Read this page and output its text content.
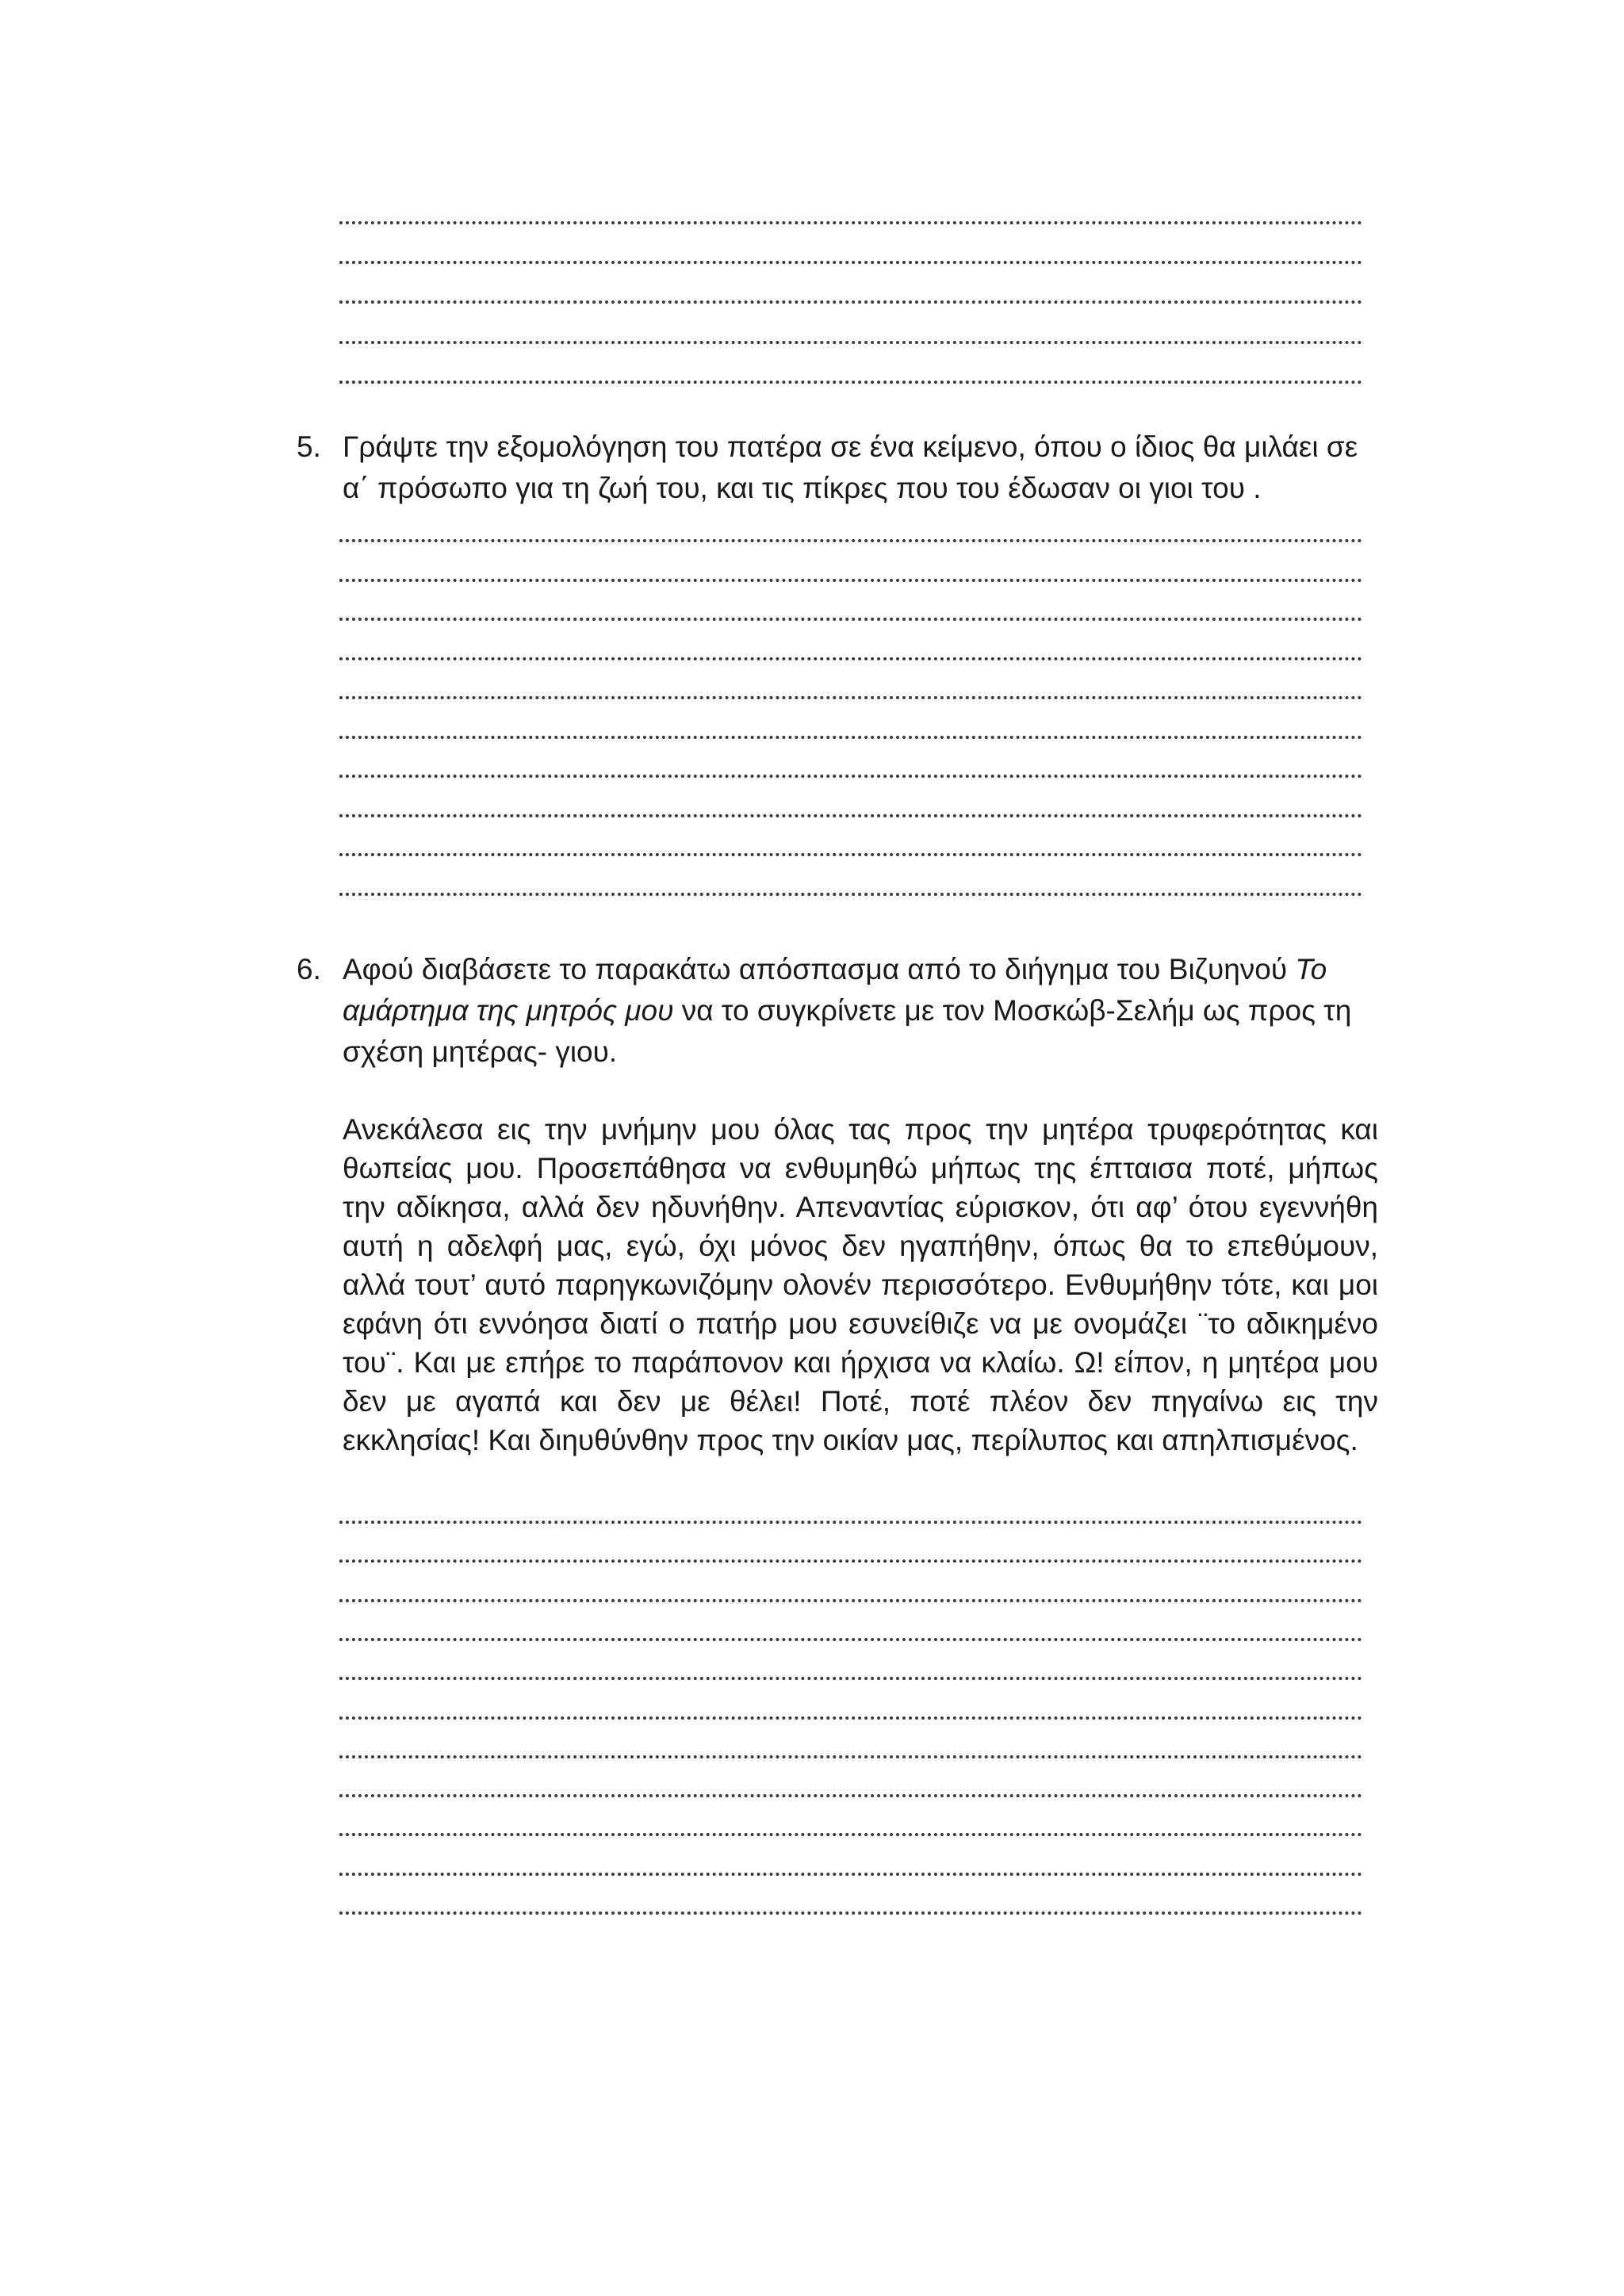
5. Γράψτε την εξομολόγηση του πατέρα σε ένα κείμενο, όπου ο ίδιος θα μιλάει σε α΄ πρόσωπο για τη ζωή του, και τις πίκρες που του έδωσαν οι γιοι του .
6. Αφού διαβάσετε το παρακάτω απόσπασμα από το διήγημα του Βιζυηνού Το αμάρτημα της μητρός μου να το συγκρίνετε με τον Μοσκώβ-Σελήμ ως προς τη σχέση μητέρας- γιου.
Ανεκάλεσα εις την μνήμην μου όλας τας προς την μητέρα τρυφερότητας και θωπείας μου. Προσεπάθησα να ενθυμηθώ μήπως της έπταισα ποτέ, μήπως την αδίκησα, αλλά δεν ηδυνήθην. Απεναντίας εύρισκον, ότι αφ’ ότου εγεννήθη αυτή η αδελφή μας, εγώ, όχι μόνος δεν ηγαπήθην, όπως θα το επεθύμουν, αλλά τουτ’ αυτό παρηγκωνιζόμην ολονέν περισσότερο. Ενθυμήθην τότε, και μοι εφάνη ότι εννόησα διατί ο πατήρ μου εσυνείθιζε να με ονομάζει ¨το αδικημένο του¨. Και με επήρε το παράπονον και ήρχισα να κλαίω. Ω! είπον, η μητέρα μου δεν με αγαπά και δεν με θέλει! Ποτέ, ποτέ πλέον δεν πηγαίνω εις την εκκλησίας! Και διηυθύνθην προς την οικίαν μας, περίλυπος και απηλπισμένος.
